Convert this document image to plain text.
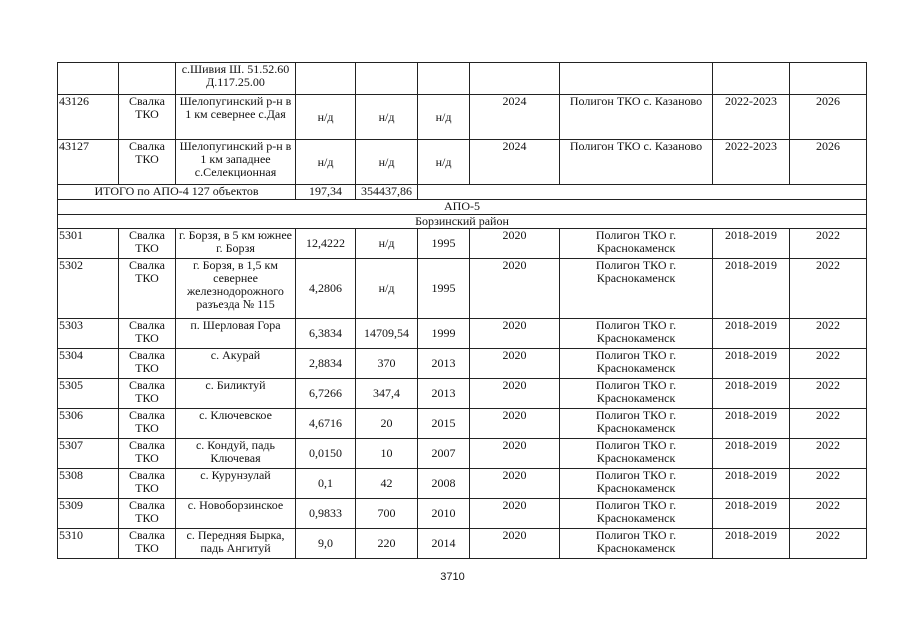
		с.Шивия Ш. 51.52.60 Д.117.25.00							
43126	Свалка ТКО	Шелопугинский р-н в 1 км севернее с.Дая	н/д	н/д	н/д	2024	Полигон ТКО с. Казаново	2022-2023	2026
43127	Свалка ТКО	Шелопугинский р-н в 1 км западнее с.Селекционная	н/д	н/д	н/д	2024	Полигон ТКО с. Казаново	2022-2023	2026
ИТОГО по АПО-4 127 объектов			197,34	354437,86					
АПО-5									
Борзинский район									
5301	Свалка ТКО	г. Борзя, в 5 км южнее г. Борзя	12,4222	н/д	1995	2020	Полигон ТКО г. Краснокаменск	2018-2019	2022
5302	Свалка ТКО	г. Борзя, в 1,5 км севернее железнодорожного разъезда № 115	4,2806	н/д	1995	2020	Полигон ТКО г. Краснокаменск	2018-2019	2022
5303	Свалка ТКО	п. Шерловая Гора	6,3834	14709,54	1999	2020	Полигон ТКО г. Краснокаменск	2018-2019	2022
5304	Свалка ТКО	с. Акурай	2,8834	370	2013	2020	Полигон ТКО г. Краснокаменск	2018-2019	2022
5305	Свалка ТКО	с. Биликтуй	6,7266	347,4	2013	2020	Полигон ТКО г. Краснокаменск	2018-2019	2022
5306	Свалка ТКО	с. Ключевское	4,6716	20	2015	2020	Полигон ТКО г. Краснокаменск	2018-2019	2022
5307	Свалка ТКО	с. Кондуй, падь Ключевая	0,0150	10	2007	2020	Полигон ТКО г. Краснокаменск	2018-2019	2022
5308	Свалка ТКО	с. Курунзулай	0,1	42	2008	2020	Полигон ТКО г. Краснокаменск	2018-2019	2022
5309	Свалка ТКО	с. Новоборзинское	0,9833	700	2010	2020	Полигон ТКО г. Краснокаменск	2018-2019	2022
5310	Свалка ТКО	с. Передняя Бырка, падь Ангитуй	9,0	220	2014	2020	Полигон ТКО г. Краснокаменск	2018-2019	2022
3710
